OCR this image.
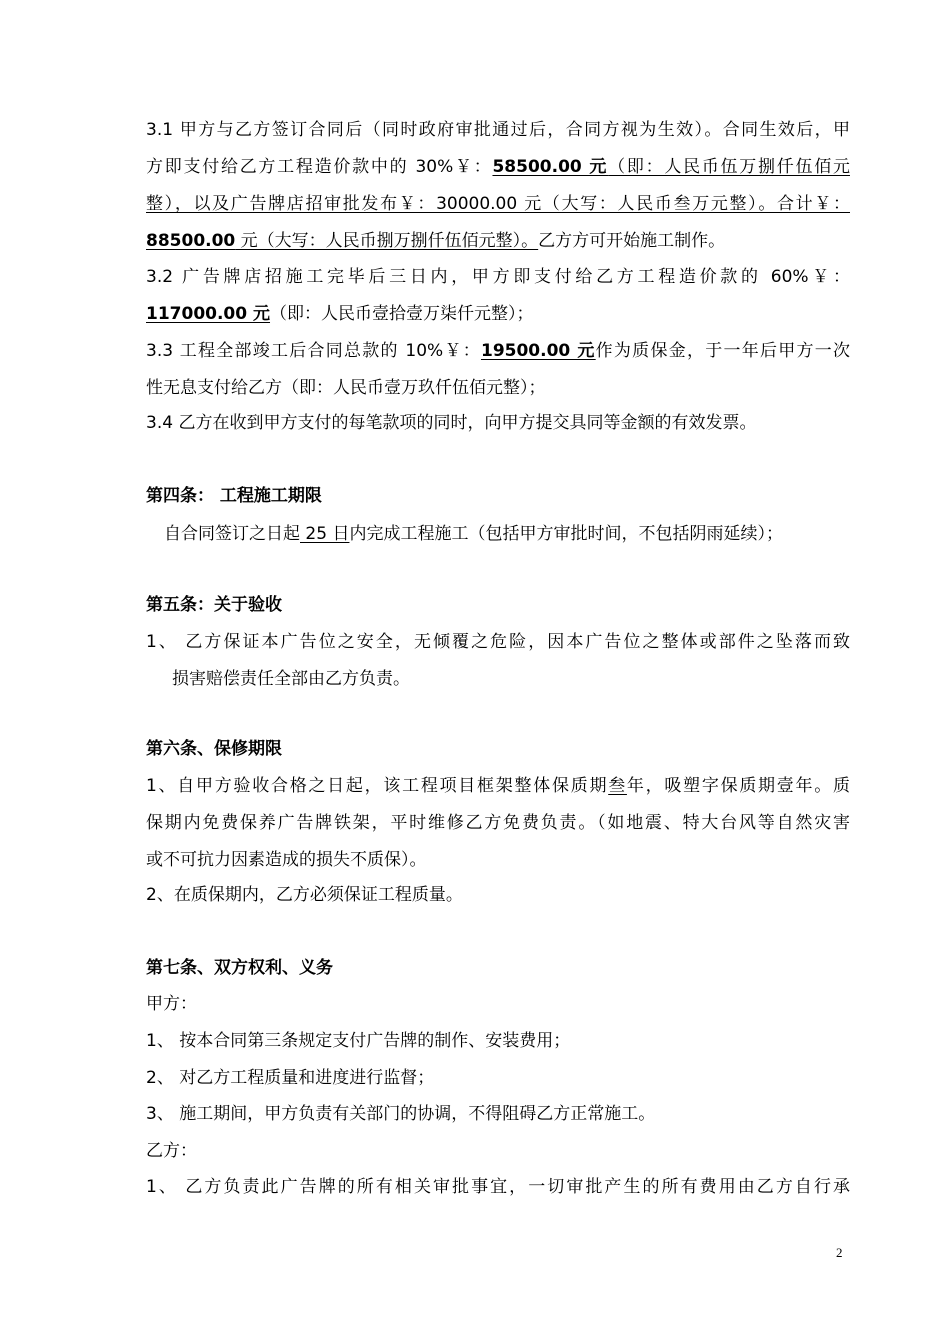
3.1 甲方与乙方签订合同后（同时政府审批通过后，合同方视为生效）。合同生效后，甲
方即支付给乙方工程造价款中的 30%￥：58500.00 元（即：人民币伍万捌仟伍佰元
整），以及广告牌店招审批发布￥：30000.00 元（大写：人民币叁万元整）。合计￥：
88500.00 元（大写：人民币捌万捌仟伍佰元整）。乙方方可开始施工制作。
3.2 广告牌店招施工完毕后三日内，甲方即支付给乙方工程造价款的 60%￥：
117000.00 元（即：人民币壹拾壹万柒仟元整）；
3.3 工程全部竣工后合同总款的 10%￥：19500.00 元作为质保金，于一年后甲方一次
性无息支付给乙方（即：人民币壹万玖仟伍佰元整）；
3.4 乙方在收到甲方支付的每笔款项的同时，向甲方提交具同等金额的有效发票。
第四条： 工程施工期限
自合同签订之日起 25 日内完成工程施工（包括甲方审批时间，不包括阴雨延续）；
第五条：关于验收
1、 乙方保证本广告位之安全，无倾覆之危险，因本广告位之整体或部件之坠落而致
损害赔偿责任全部由乙方负责。
第六条、保修期限
1、自甲方验收合格之日起，该工程项目框架整体保质期叁年，吸塑字保质期壹年。质
保期内免费保养广告牌铁架，平时维修乙方免费负责。（如地震、特大台风等自然灾害
或不可抗力因素造成的损失不质保）。
2、在质保期内，乙方必须保证工程质量。
第七条、双方权利、义务
甲方：
1、 按本合同第三条规定支付广告牌的制作、安装费用；
2、 对乙方工程质量和进度进行监督；
3、 施工期间，甲方负责有关部门的协调，不得阻碍乙方正常施工。
乙方：
1、 乙方负责此广告牌的所有相关审批事宜，一切审批产生的所有费用由乙方自行承
2
